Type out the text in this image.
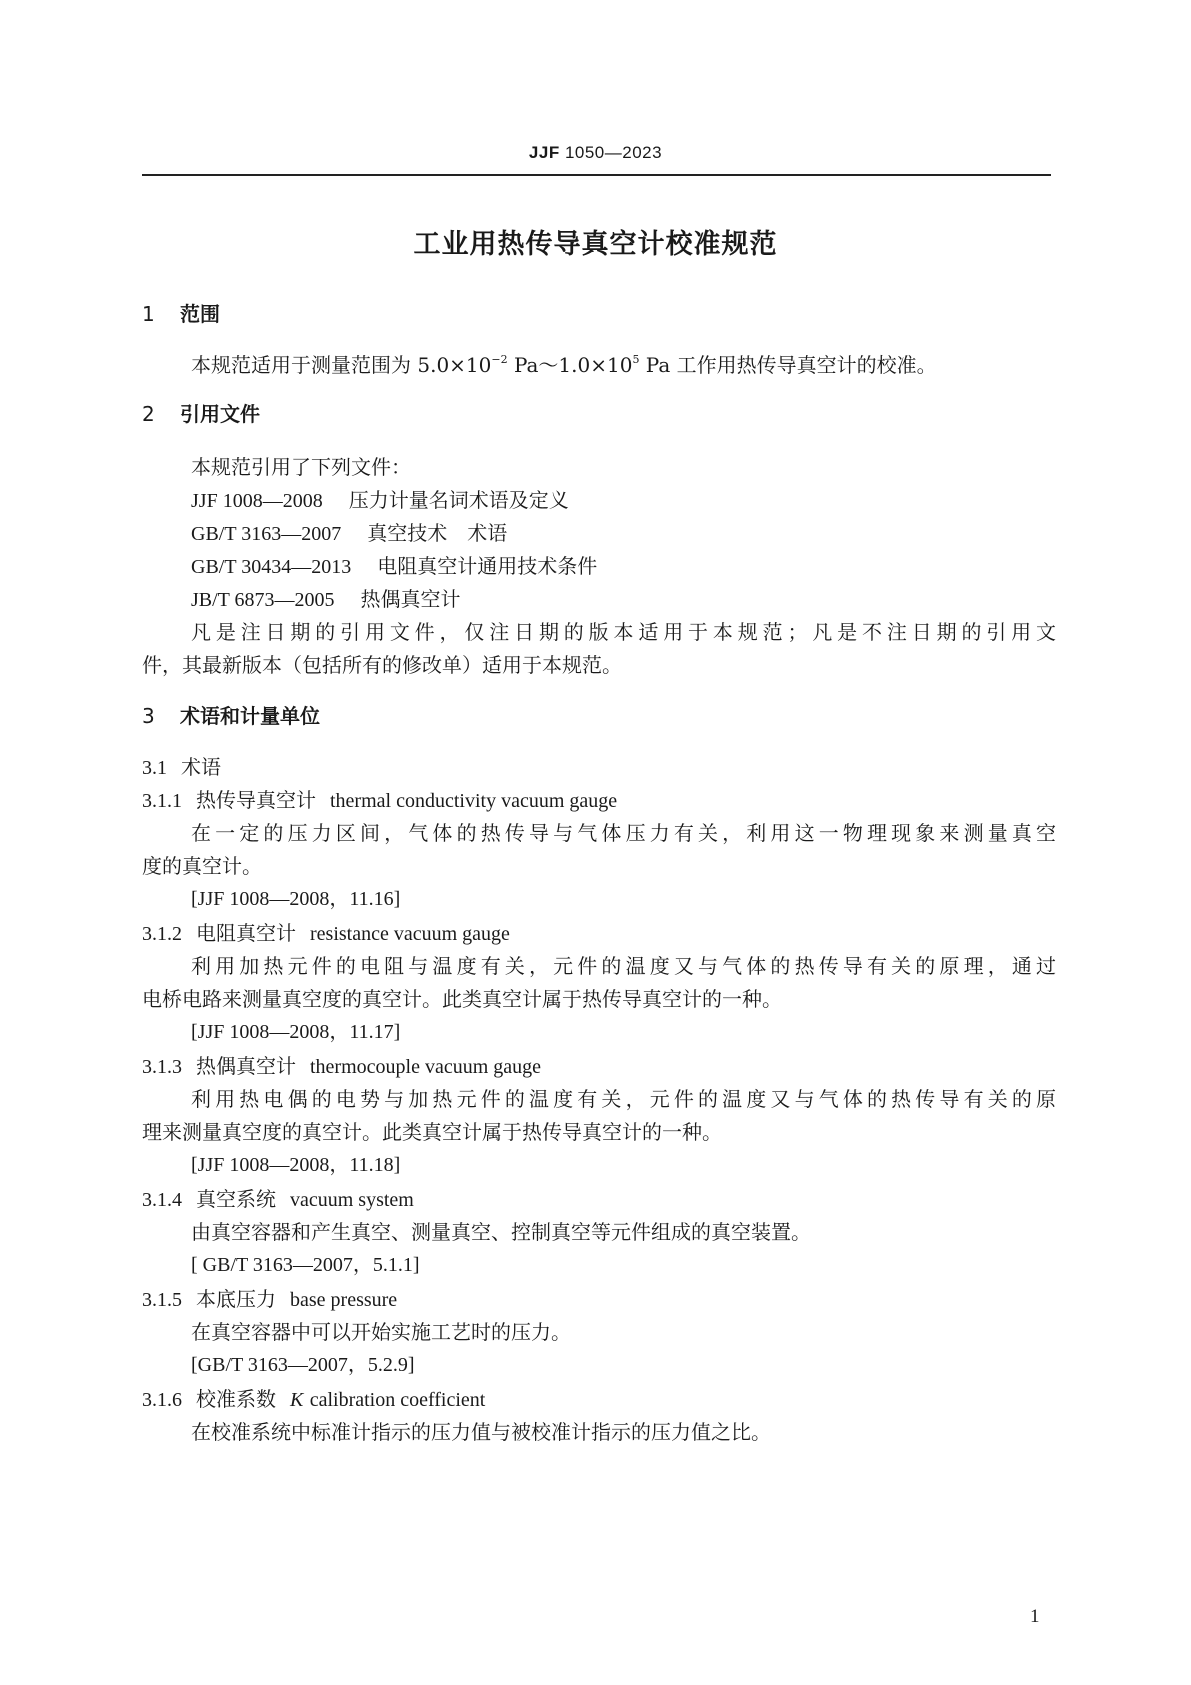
JJF 1050—2023
工业用热传导真空计校准规范
1 范围
本规范适用于测量范围为 $5.0\times 10^{-2}$ $Pa\sim 1.0\times 10^5$ Pa 工作用热传导真空计的校准。
2 引用文件
本规范引用了下列文件：
JJF 1008—2008 压力计量名词术语及定义
GB/T 3163—2007 真空技术　术语
GB/T 30434—2013 电阻真空计通用技术条件
JB/T 6873—2005 热偶真空计
凡是注日期的引用文件，仅注日期的版本适用于本规范；凡是不注日期的引用文
件，其最新版本（包括所有的修改单）适用于本规范。
3 术语和计量单位
3.1 术语
3.1.1 热传导真空计 thermal conductivity vacuum gauge
在一定的压力区间，气体的热传导与气体压力有关，利用这一物理现象来测量真空
度的真空计。
[JJF 1008—2008，11.16]
3.1.2 电阻真空计 resistance vacuum gauge
利用加热元件的电阻与温度有关，元件的温度又与气体的热传导有关的原理，通过
电桥电路来测量真空度的真空计。此类真空计属于热传导真空计的一种。
[JJF 1008—2008，11.17]
3.1.3 热偶真空计 thermocouple vacuum gauge
利用热电偶的电势与加热元件的温度有关，元件的温度又与气体的热传导有关的原
理来测量真空度的真空计。此类真空计属于热传导真空计的一种。
[JJF 1008—2008，11.18]
3.1.4 真空系统 vacuum system
由真空容器和产生真空、测量真空、控制真空等元件组成的真空装置。
[ GB/T 3163—2007，5.1.1]
3.1.5 本底压力 base pressure
在真空容器中可以开始实施工艺时的压力。
[GB/T 3163—2007，5.2.9]
3.1.6 校准系数 K calibration coefficient
在校准系统中标准计指示的压力值与被校准计指示的压力值之比。
1
